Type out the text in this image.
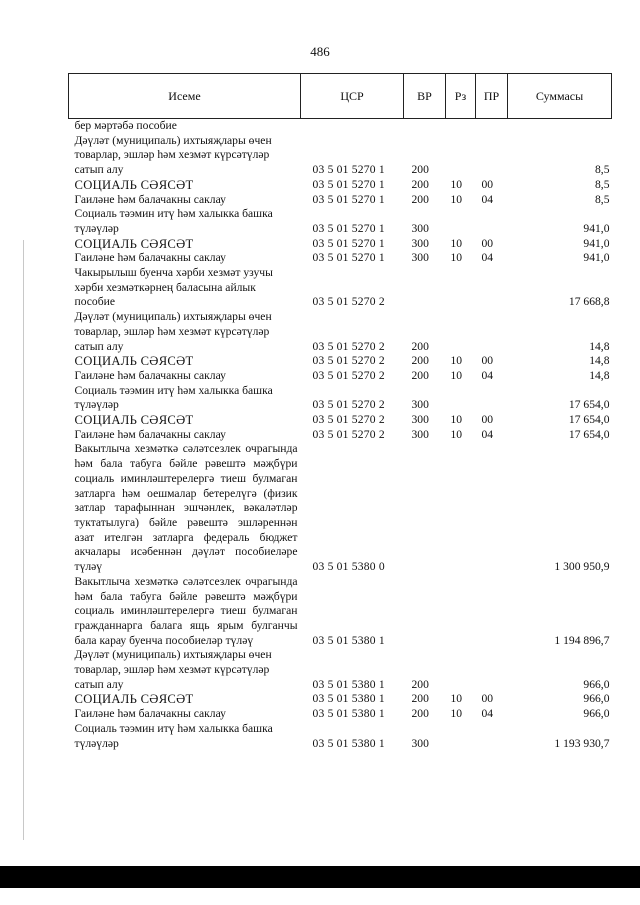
486
Исеме	ЦСР	ВР	Рз	ПР	Суммасы
бер мәртәбә пособие					
Дәүләт (муниципаль) ихтыяҗлары өчен товарлар, эшләр һәм хезмәт күрсәтүләр сатып алу	03 5 01 5270 1	200			8,5
СОЦИАЛЬ СӘЯСӘТ	03 5 01 5270 1	200	10	00	8,5
Гаиләне һәм балачакны саклау	03 5 01 5270 1	200	10	04	8,5
Социаль тәэмин итү һәм халыкка башка түләүләр	03 5 01 5270 1	300			941,0
СОЦИАЛЬ СӘЯСӘТ	03 5 01 5270 1	300	10	00	941,0
Гаиләне һәм балачакны саклау	03 5 01 5270 1	300	10	04	941,0
Чакырылыш буенча хәрби хезмәт узучы хәрби хезмәткәрнең баласына айлык пособие	03 5 01 5270 2				17 668,8
Дәүләт (муниципаль) ихтыяҗлары өчен товарлар, эшләр һәм хезмәт күрсәтүләр сатып алу	03 5 01 5270 2	200			14,8
СОЦИАЛЬ СӘЯСӘТ	03 5 01 5270 2	200	10	00	14,8
Гаиләне һәм балачакны саклау	03 5 01 5270 2	200	10	04	14,8
Социаль тәэмин итү һәм халыкка башка түләүләр	03 5 01 5270 2	300			17 654,0
СОЦИАЛЬ СӘЯСӘТ	03 5 01 5270 2	300	10	00	17 654,0
Гаиләне һәм балачакны саклау	03 5 01 5270 2	300	10	04	17 654,0
Вакытлыча хезмәткә сәләтсезлек очрагында һәм бала табуга бәйле рәвештә мәҗбүри социаль иминләштерелергә тиеш булмаган затларга һәм оешмалар бетерелүгә (физик затлар тарафыннан эшчәнлек, вәкаләтләр туктатылуга) бәйле рәвештә эшләреннән азат ителгән затларга федераль бюджет акчалары исәбеннән дәүләт пособиеләре түләү	03 5 01 5380 0				1 300 950,9
Вакытлыча хезмәткә сәләтсезлек очрагында һәм бала табуга бәйле рәвештә мәҗбүри социаль иминләштерелергә тиеш булмаган гражданнарга балага ящь ярым булганчы бала карау буенча пособиеләр түләү	03 5 01 5380 1				1 194 896,7
Дәүләт (муниципаль) ихтыяҗлары өчен товарлар, эшләр һәм хезмәт күрсәтүләр сатып алу	03 5 01 5380 1	200			966,0
СОЦИАЛЬ СӘЯСӘТ	03 5 01 5380 1	200	10	00	966,0
Гаиләне һәм балачакны саклау	03 5 01 5380 1	200	10	04	966,0
Социаль тәэмин итү һәм халыкка башка түләүләр	03 5 01 5380 1	300			1 193 930,7
